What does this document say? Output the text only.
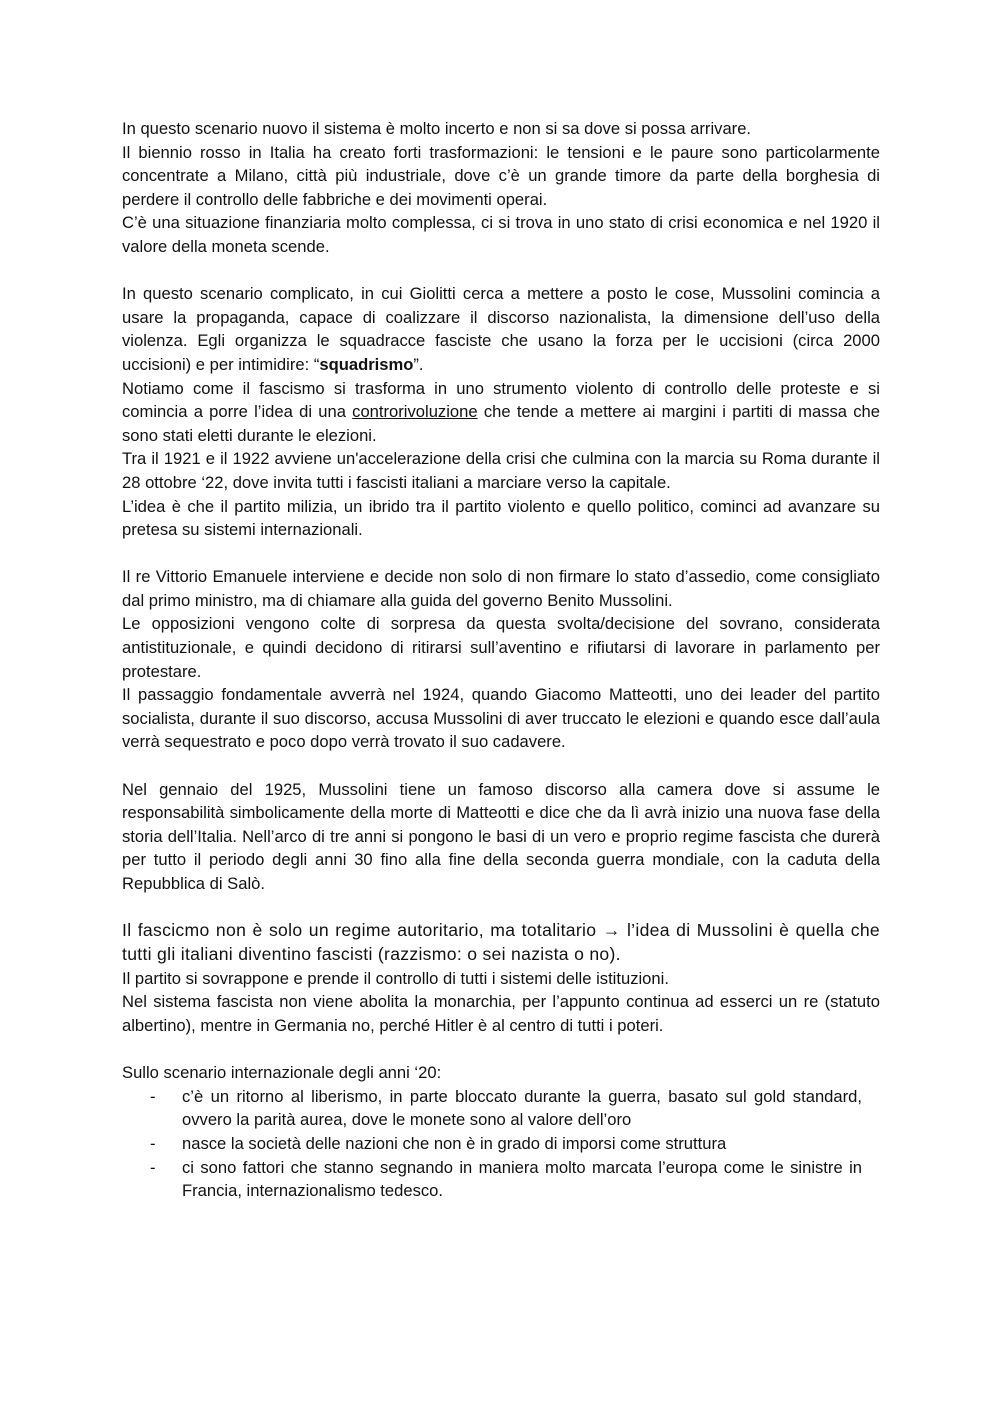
In questo scenario nuovo il sistema è molto incerto e non si sa dove si possa arrivare.

Il biennio rosso in Italia ha creato forti trasformazioni: le tensioni e le paure sono particolarmente concentrate a Milano, città più industriale, dove c’è un grande timore da parte della borghesia di perdere il controllo delle fabbriche e dei movimenti operai.

C’è una situazione finanziaria molto complessa, ci si trova in uno stato di crisi economica e nel 1920 il valore della moneta scende.

In questo scenario complicato, in cui Giolitti cerca a mettere a posto le cose, Mussolini comincia a usare la propaganda, capace di coalizzare il discorso nazionalista, la dimensione dell’uso della violenza. Egli organizza le squadracce fasciste che usano la forza per le uccisioni (circa 2000 uccisioni) e per intimidire: “squadrismo”.

Notiamo come il fascismo si trasforma in uno strumento violento di controllo delle proteste e si comincia a porre l’idea di una controrivoluzione che tende a mettere ai margini i partiti di massa che sono stati eletti durante le elezioni.

Tra il 1921 e il 1922 avviene un'accelerazione della crisi che culmina con la marcia su Roma durante il 28 ottobre ‘22, dove invita tutti i fascisti italiani a marciare verso la capitale.

L’idea è che il partito milizia, un ibrido tra il partito violento e quello politico, cominci ad avanzare su pretesa su sistemi internazionali.

Il re Vittorio Emanuele interviene e decide non solo di non firmare lo stato d’assedio, come consigliato dal primo ministro, ma di chiamare alla guida del governo Benito Mussolini.

Le opposizioni vengono colte di sorpresa da questa svolta/decisione del sovrano, considerata antistituzionale, e quindi decidono di ritirarsi sull’aventino e rifiutarsi di lavorare in parlamento per protestare.

Il passaggio fondamentale avverrà nel 1924, quando Giacomo Matteotti, uno dei leader del partito socialista, durante il suo discorso, accusa Mussolini di aver truccato le elezioni e quando esce dall’aula verrà sequestrato e poco dopo verrà trovato il suo cadavere.

Nel gennaio del 1925, Mussolini tiene un famoso discorso alla camera dove si assume le responsabilità simbolicamente della morte di Matteotti e dice che da lì avrà inizio una nuova fase della storia dell’Italia. Nell’arco di tre anni si pongono le basi di un vero e proprio regime fascista che durerà per tutto il periodo degli anni 30 fino alla fine della seconda guerra mondiale, con la caduta della Repubblica di Salò.

Il fascicmo non è solo un regime autoritario, ma totalitario → l’idea di Mussolini è quella che tutti gli italiani diventino fascisti (razzismo: o sei nazista o no).

Il partito si sovrappone e prende il controllo di tutti i sistemi delle istituzioni.

Nel sistema fascista non viene abolita la monarchia, per l’appunto continua ad esserci un re (statuto albertino), mentre in Germania no, perché Hitler è al centro di tutti i poteri.

Sullo scenario internazionale degli anni ‘20:

- c’è un ritorno al liberismo, in parte bloccato durante la guerra, basato sul gold standard, ovvero la parità aurea, dove le monete sono al valore dell’oro
- nasce la società delle nazioni che non è in grado di imporsi come struttura
- ci sono fattori che stanno segnando in maniera molto marcata l’europa come le sinistre in Francia, internazionalismo tedesco.
